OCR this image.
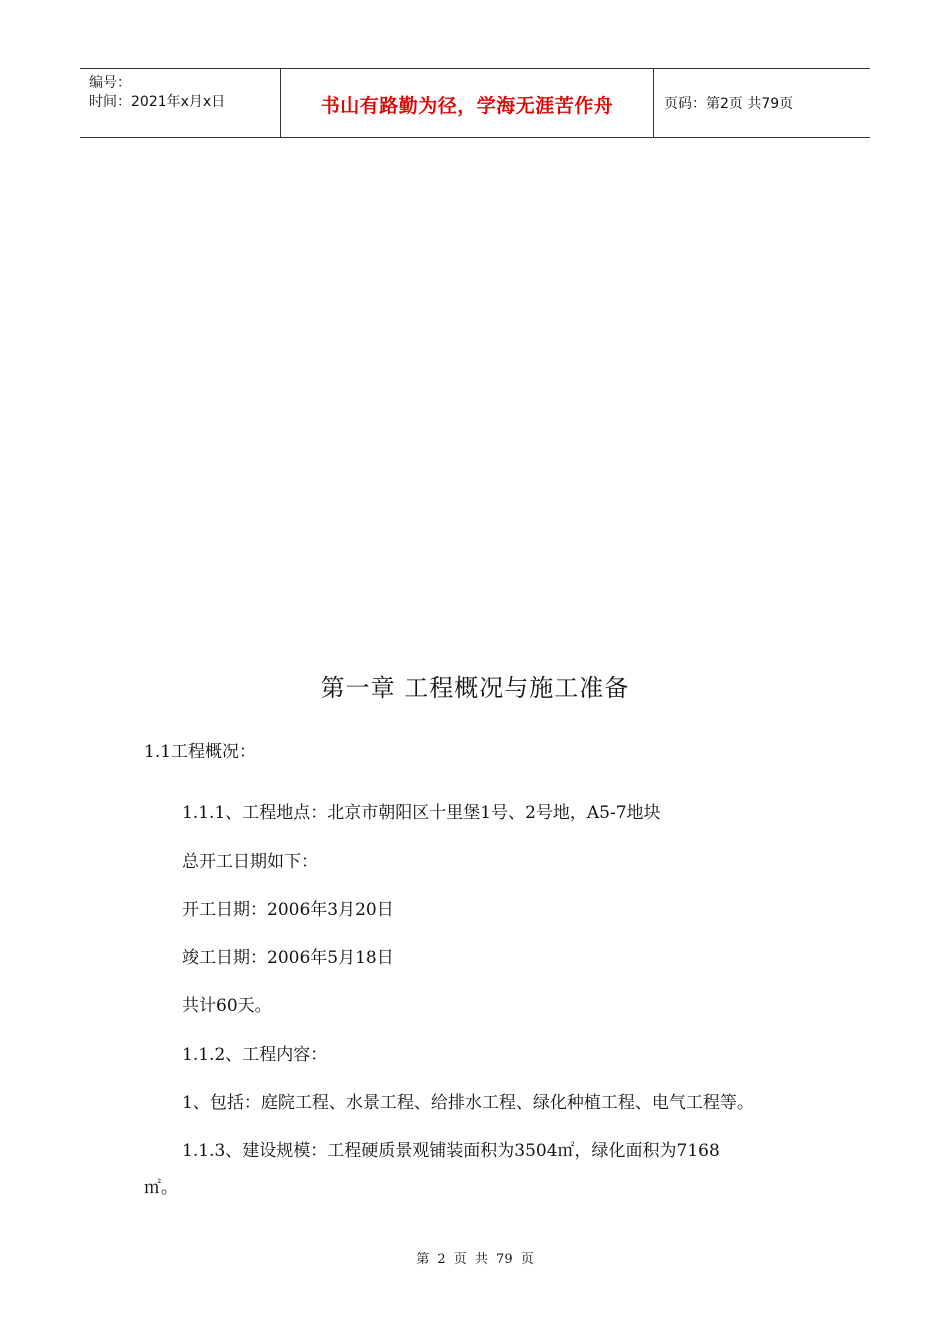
编号：
时间：2021年x月x日	书山有路勤为径，学海无涯苦作舟	页码：第2页 共79页
第一章 工程概况与施工准备
1.1工程概况：
1.1.1、工程地点：北京市朝阳区十里堡1号、2号地，A5-7地块
总开工日期如下：
开工日期：2006年3月20日
竣工日期：2006年5月18日
共计60天。
1.1.2、工程内容：
1、包括：庭院工程、水景工程、给排水工程、绿化种植工程、电气工程等。
1.1.3、建设规模：工程硬质景观铺装面积为3504㎡，绿化面积为7168
㎡。
第 2 页 共 79 页
